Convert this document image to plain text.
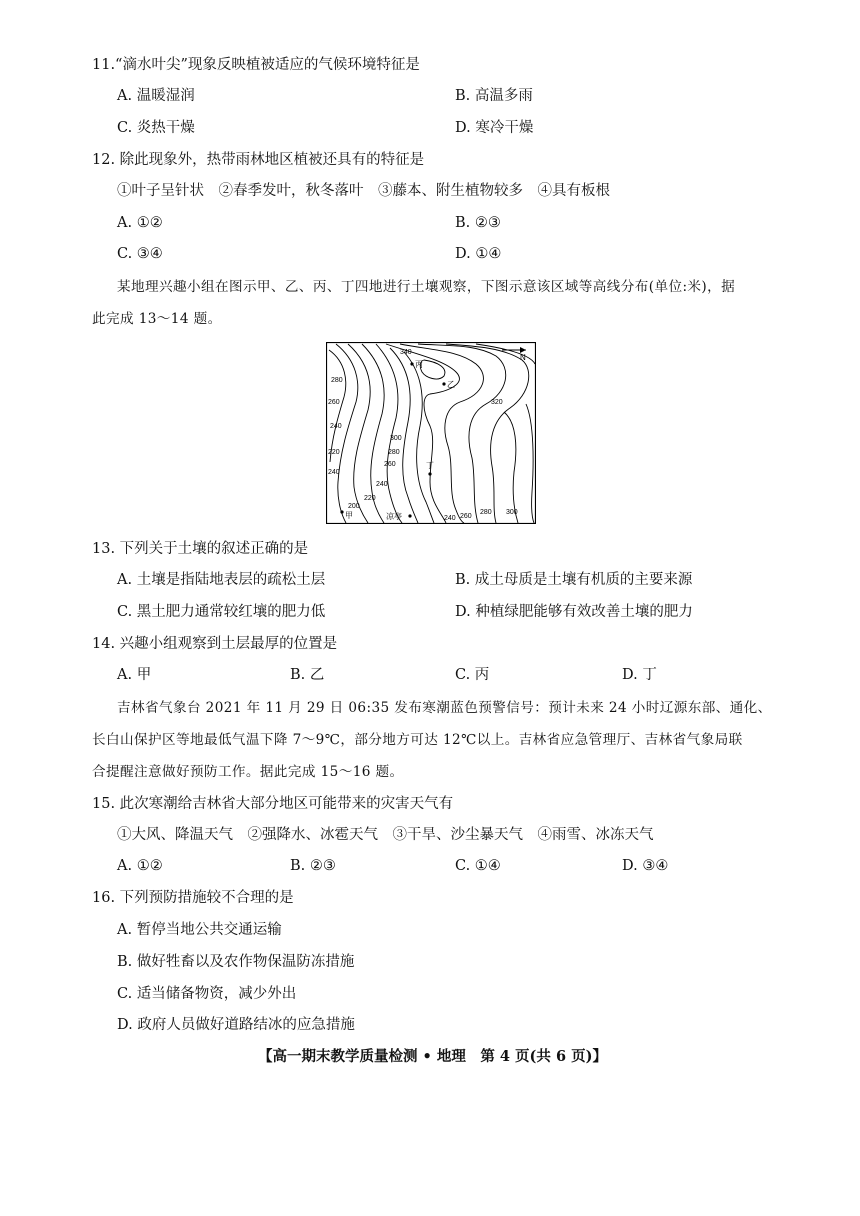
11.“滴水叶尖”现象反映植被适应的气候环境特征是
A. 温暖湿润	B. 高温多雨
C. 炎热干燥	D. 寒冷干燥
12. 除此现象外，热带雨林地区植被还具有的特征是
①叶子呈针状　②春季发叶，秋冬落叶　③藤本、附生植物较多　④具有板根
A. ①②	B. ②③
C. ③④	D. ①④
某地理兴趣小组在图示甲、乙、丙、丁四地进行土壤观察，下图示意该区域等高线分布(单位:米)，据
此完成 13～14 题。
N
340
320
280
260
240
220
240
300
280
260
240
220
200
240 260
280 300
丙
乙
丁
甲	凉亭
13. 下列关于土壤的叙述正确的是
A. 土壤是指陆地表层的疏松土层	B. 成土母质是土壤有机质的主要来源
C. 黑土肥力通常较红壤的肥力低	D. 种植绿肥能够有效改善土壤的肥力
14. 兴趣小组观察到土层最厚的位置是
A. 甲	B. 乙	C. 丙	D. 丁
吉林省气象台 2021 年 11 月 29 日 06:35 发布寒潮蓝色预警信号：预计未来 24 小时辽源东部、通化、
长白山保护区等地最低气温下降 7～9℃，部分地方可达 12℃以上。吉林省应急管理厅、吉林省气象局联
合提醒注意做好预防工作。据此完成 15～16 题。
15. 此次寒潮给吉林省大部分地区可能带来的灾害天气有
①大风、降温天气　②强降水、冰雹天气　③干旱、沙尘暴天气　④雨雪、冰冻天气
A. ①②	B. ②③	C. ①④	D. ③④
16. 下列预防措施较不合理的是
A. 暂停当地公共交通运输
B. 做好牲畜以及农作物保温防冻措施
C. 适当储备物资，减少外出
D. 政府人员做好道路结冰的应急措施
【高一期末教学质量检测 • 地理　第 4 页(共 6 页)】
